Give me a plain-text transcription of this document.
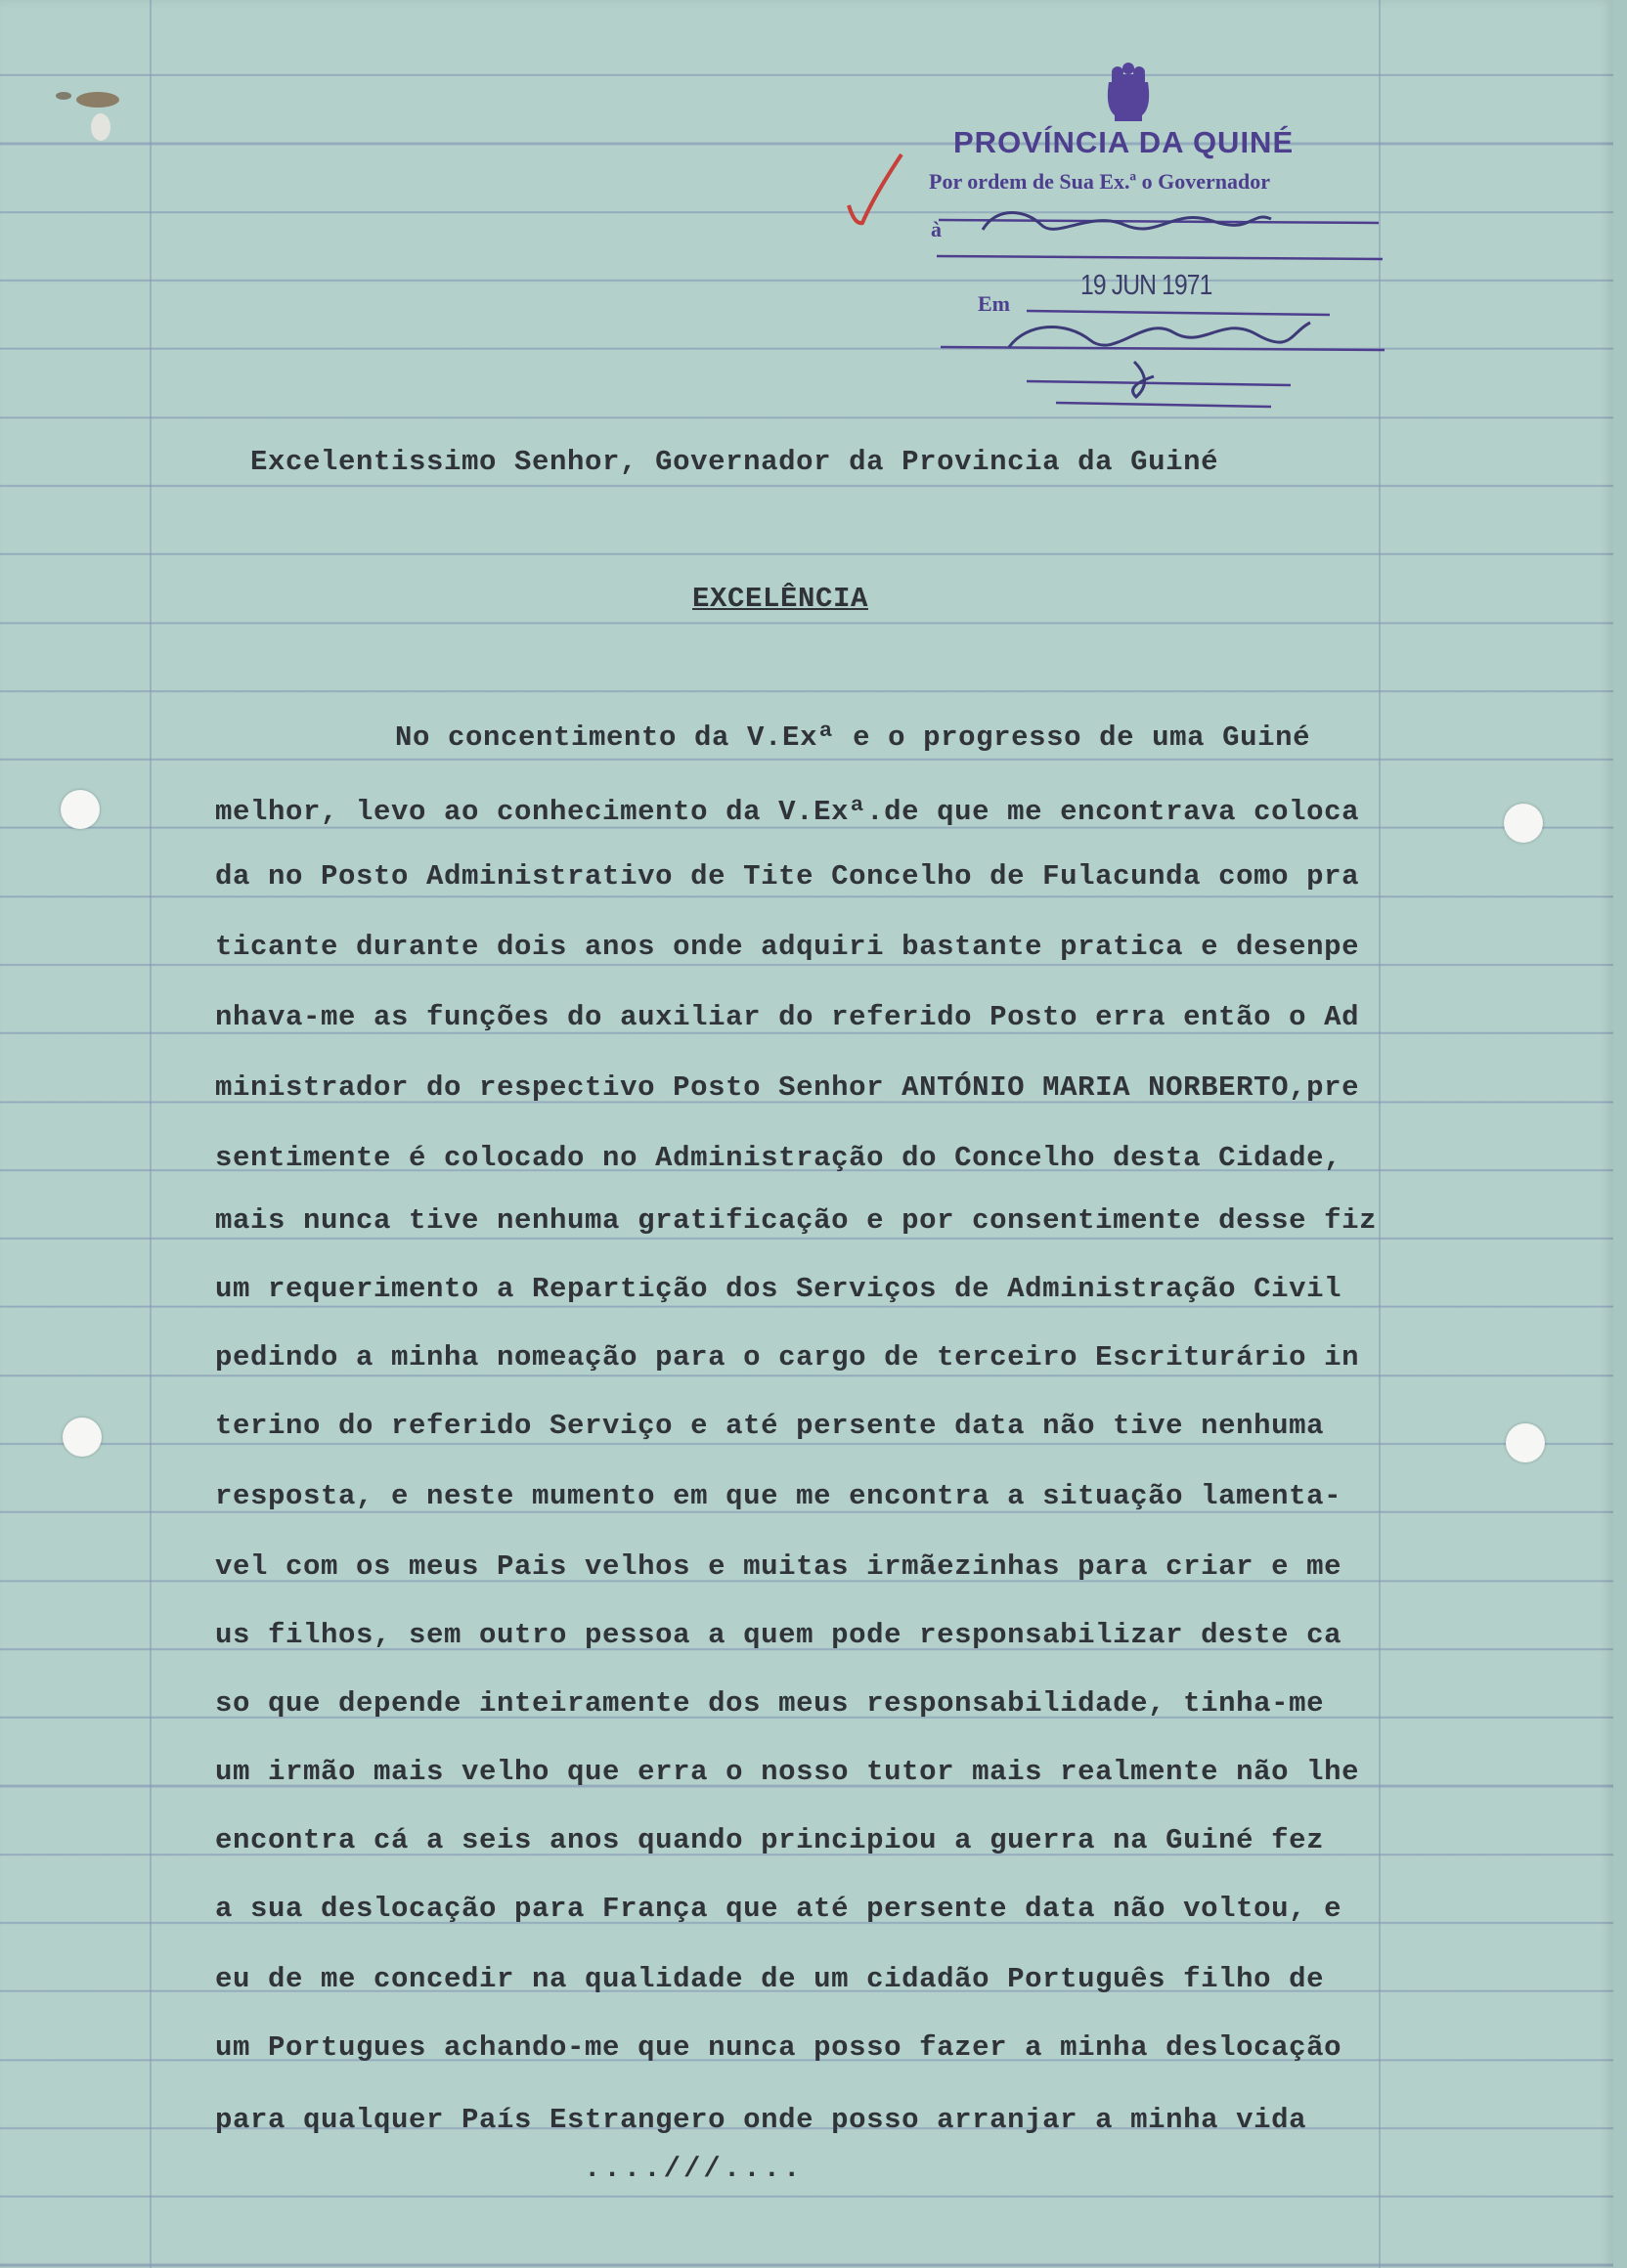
PROVÍNCIA DA QUINÉ
Por ordem de Sua Ex.ª o Governador
à
Em
19 JUN 1971
Excelentissimo Senhor, Governador da Provincia da Guiné
EXCELÊNCIA
No concentimento da V.Exª e o progresso de uma Guiné
melhor, levo ao conhecimento da V.Exª.de que me encontrava coloca
da no Posto Administrativo de Tite Concelho de Fulacunda como pra
ticante durante dois anos onde adquiri bastante pratica e desenpe
nhava-me as funções do auxiliar do referido Posto erra então o Ad
ministrador do respectivo Posto Senhor ANTÓNIO MARIA NORBERTO,pre
sentimente é colocado no Administração do Concelho desta Cidade,
mais nunca tive nenhuma gratificação e por consentimente desse fiz
um requerimento a Repartição dos Serviços de Administração Civil
pedindo a minha nomeação para o cargo de terceiro Escriturário in
terino do referido Serviço e até persente data não tive nenhuma
resposta, e neste mumento em que me encontra a situação lamenta-
vel com os meus Pais velhos e muitas irmãezinhas para criar e me
us filhos, sem outro pessoa a quem pode responsabilizar deste ca
so que depende inteiramente dos meus responsabilidade, tinha-me
um irmão mais velho que erra o nosso tutor mais realmente não lhe
encontra cá a seis anos quando principiou a guerra na Guiné fez
a sua deslocação para França que até persente data não voltou, e
eu de me concedir na qualidade de um cidadão Português filho de
um Portugues achando-me que nunca posso fazer a minha deslocação
para qualquer País Estrangero onde posso arranjar a minha vida
....///....
